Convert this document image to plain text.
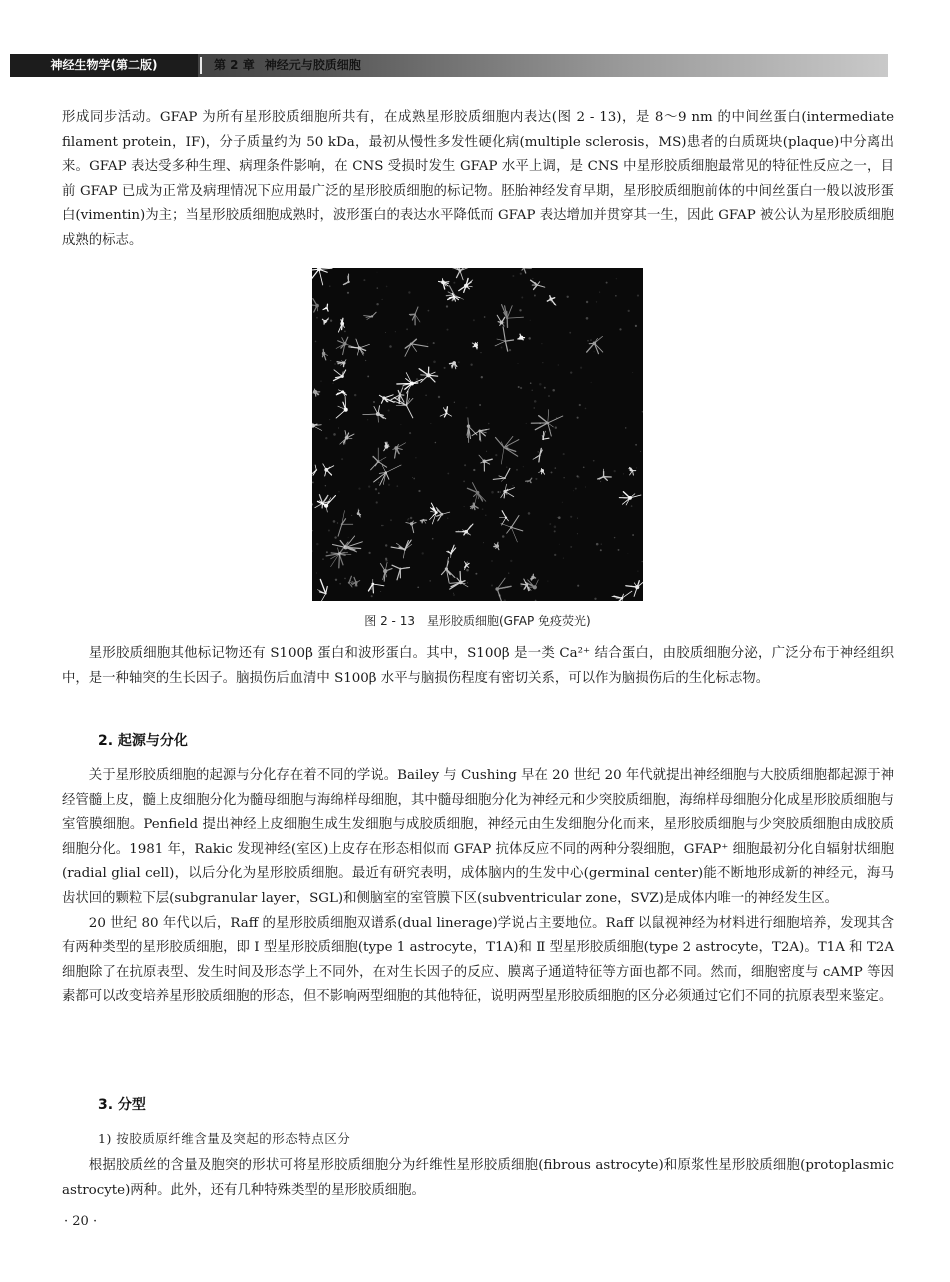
神经生物学(第二版)	第 2 章 神经元与胶质细胞

形成同步活动。GFAP 为所有星形胶质细胞所共有，在成熟星形胶质细胞内表达(图 2 - 13)，是 8～9 nm 的中间丝蛋白(intermediate filament protein，IF)，分子质量约为 50 kDa，最初从慢性多发性硬化病(multiple sclerosis，MS)患者的白质斑块(plaque)中分离出来。GFAP 表达受多种生理、病理条件影响，在 CNS 受损时发生 GFAP 水平上调，是 CNS 中星形胶质细胞最常见的特征性反应之一，目前 GFAP 已成为正常及病理情况下应用最广泛的星形胶质细胞的标记物。胚胎神经发育早期，星形胶质细胞前体的中间丝蛋白一般以波形蛋白(vimentin)为主；当星形胶质细胞成熟时，波形蛋白的表达水平降低而 GFAP 表达增加并贯穿其一生，因此 GFAP 被公认为星形胶质细胞成熟的标志。

图 2 - 13　星形胶质细胞(GFAP 免疫荧光)

星形胶质细胞其他标记物还有 S100β 蛋白和波形蛋白。其中，S100β 是一类 Ca²⁺ 结合蛋白，由胶质细胞分泌，广泛分布于神经组织中，是一种轴突的生长因子。脑损伤后血清中 S100β 水平与脑损伤程度有密切关系，可以作为脑损伤后的生化标志物。

2. 起源与分化

关于星形胶质细胞的起源与分化存在着不同的学说。Bailey 与 Cushing 早在 20 世纪 20 年代就提出神经细胞与大胶质细胞都起源于神经管髓上皮，髓上皮细胞分化为髓母细胞与海绵样母细胞，其中髓母细胞分化为神经元和少突胶质细胞，海绵样母细胞分化成星形胶质细胞与室管膜细胞。Penfield 提出神经上皮细胞生成生发细胞与成胶质细胞，神经元由生发细胞分化而来，星形胶质细胞与少突胶质细胞由成胶质细胞分化。1981 年，Rakic 发现神经(室区)上皮存在形态相似而 GFAP 抗体反应不同的两种分裂细胞，GFAP⁺ 细胞最初分化自辐射状细胞(radial glial cell)，以后分化为星形胶质细胞。最近有研究表明，成体脑内的生发中心(germinal center)能不断地形成新的神经元，海马齿状回的颗粒下层(subgranular layer，SGL)和侧脑室的室管膜下区(subventricular zone，SVZ)是成体内唯一的神经发生区。

20 世纪 80 年代以后，Raff 的星形胶质细胞双谱系(dual linerage)学说占主要地位。Raff 以鼠视神经为材料进行细胞培养，发现其含有两种类型的星形胶质细胞，即 Ⅰ 型星形胶质细胞(type 1 astrocyte，T1A)和 Ⅱ 型星形胶质细胞(type 2 astrocyte，T2A)。T1A 和 T2A 细胞除了在抗原表型、发生时间及形态学上不同外，在对生长因子的反应、膜离子通道特征等方面也都不同。然而，细胞密度与 cAMP 等因素都可以改变培养星形胶质细胞的形态，但不影响两型细胞的其他特征，说明两型星形胶质细胞的区分必须通过它们不同的抗原表型来鉴定。

3. 分型
1) 按胶质原纤维含量及突起的形态特点区分

根据胶质丝的含量及胞突的形状可将星形胶质细胞分为纤维性星形胶质细胞(fibrous astrocyte)和原浆性星形胶质细胞(protoplasmic astrocyte)两种。此外，还有几种特殊类型的星形胶质细胞。

· 20 ·
